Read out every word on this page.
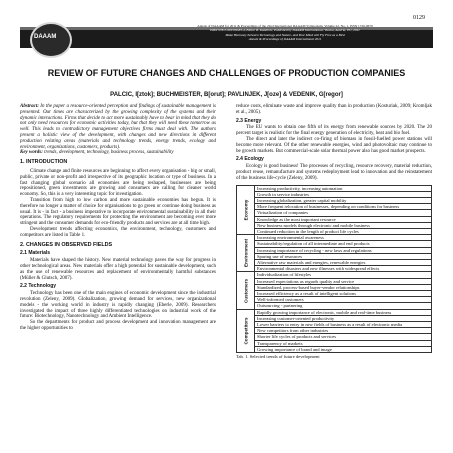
0129
DAAAM
Annals of DAAAM for 2011 & Proceedings of the 22nd International DAAAM Symposium, Volume 22, No. 1, ISSN 1726-9679
ISBN 978-3-901509-83-4, Editor B. Katalinic, Published by DAAAM International, Vienna, Austria, EU, 2011
Make Harmony between Technology and Nature, and Your Mind will Fly Free as a Bird
Annals & Proceedings of DAAAM International 2011
REVIEW OF FUTURE CHANGES AND CHALLENGES OF PRODUCTION COMPANIES
PALCIC, I[ztok]; BUCHMEISTER, B[orut]; PAVLINJEK, J[oze] & VEDENIK, G[regor]

Abstract: In the paper a resource-oriented perception and findings of sustainable management is presented. Our times are characterized by the growing complexity of the systems and their dynamic interactions. Firms that decide to act more sustainably have to bear in mind that they do not only need resources for economic activities today, but that they will need these tomorrow as well. This leads to contradictory management objectives firms must deal with. The authors present a holistic view of the development, with changes and new directions in different production relating areas (materials and technology trends, energy trends, ecology and environment, organizations, customers, products).

Key words: trends, development, technology, business process, sustainability

1. INTRODUCTION

Climate change and finite resources are beginning to affect every organisation - big or small, public, private or non-profit and irrespective of its geographic location or type of business. In a fast changing global scenario all economies are being reshaped, businesses are being repositioned, green investments are growing and consumers are calling for cleaner world economy. So, this is a very interesting topic for investigation.

Transition from high to low carbon and more sustainable economies has begun. It is therefore no longer a matter of choice for organisations to go green or continue doing business as usual. It is - in fact - a business imperative to incorporate environmental sustainability in all their operations. The regulatory requirements for protecting the environment are becoming ever more stringent and the consumer demands for eco-friendly products and services are at all time high.

Development trends affecting economics, the environment, technology, customers and competitors are listed in Table 1.

2. CHANGES IN OBSERVED FIELDS
2.1 Materials

Materials have shaped the history. New material technology paves the way for progress in other technological areas. New materials offer a high potential for sustainable development, such as the use of renewable resources and replacement of environmentally harmful substances (Müller & Glutsch, 2007).

2.2 Technology

Technology has been one of the main engines of economic development since the industrial revolution (Zeleny, 2009). Globalization, growing demand for services, new organizational models - the working world in industry is rapidly changing (Eberle, 2009). Researchers investigated the impact of three highly differentiated technologies on industrial work of the future: Biotechnology, Nanotechnology and Ambient Intelligence.

So the departments for product and process development and innovation management are the higher opportunities to

reduce costs, eliminate waste and improve quality than in production (Kosturiak, 2009; Kromljak et al., 2005).

2.3 Energy

The EU wants to obtain one fifth of its energy from renewable sources by 2020. The 20 percent target is realistic for the final energy generation of electricity, heat and bio fuel.

The direct and later the indirect co-firing of biomass in fossil-fuelled power stations will become more relevant. Of the other renewable energies, wind and photovoltaic may continue to be growth markets. But commercial-scale solar thermal power also has good market prospects.

2.4 Ecology

Ecology is good business! The processes of recycling, resource recovery, material reduction, product reuse, remanufacture and systems redeployment lead to innovation and the reinstatement of the business life-cycle (Zeleny, 2009).

Economy	Increasing productivity, increasing automation
	Growth in service industries
	Increasing globalization, greater capital mobility
	More frequent relocation of businesses, depending on conditions for business
	Virtualization of companies
	Knowledge as the most important resource
	New business models through electronic and mobile business
	Continued reduction in the length of product life cycles

Environment	Increasing environmental awareness
	Sustainability/regulation of all intermediate and end products
	Increasing importance of recycling - new laws and regulations
	Sparing use of resources
	Alternative raw materials and energies, renewable energies
	Environmental disasters and new illnesses with widespread effects

Customers	Individualization of lifestyles
	Increased expectations as regards quality and service
	Standardized, process-based buyer-vendor relationships
	Increased efficiency as a result of intelligent solutions
	Well-informed customers
	Outsourcing - partnering

Competitors	Rapidly growing importance of electronic, mobile and real-time business
	Increasing customer-oriented productivity
	Lower barriers to entry in new fields of business as a result of electronic media
	New competitors from other industries
	Shorter life cycles of products and services
	Transparency of markets
	Growing importance of brand and image
Tab. 1. Selected trends of future development
